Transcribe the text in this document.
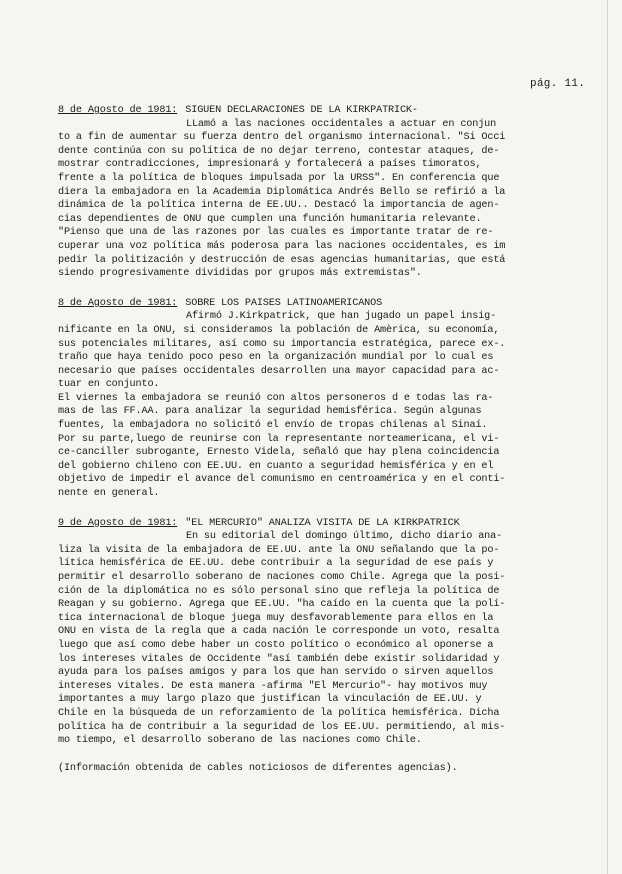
pág. 11.
8 de Agosto de 1981: SIGUEN DECLARACIONES DE LA KIRKPATRICK-
LLamó a las naciones occidentales a actuar en conjun
to a fin de aumentar su fuerza dentro del organismo internacional. "Si Occi
dente continúa con su política de no dejar terreno, contestar ataques, de-
mostrar contradicciones, impresionará y fortalecerá a países timoratos,
frente a la política de bloques impulsada por la URSS". En conferencia que
diera la embajadora en la Academia Diplomática Andrés Bello se refirió a la
dinámica de la política interna de EE.UU.. Destacó la importancia de agen-
cias dependientes de ONU que cumplen una función humanitaria relevante.
"Pienso que una de las razones por las cuales es importante tratar de re-
cuperar una voz política más poderosa para las naciones occidentales, es im
pedir la politización y destrucción de esas agencias humanitarias, que está
siendo progresivamente divididas por grupos más extremistas".
8 de Agosto de 1981: SOBRE LOS PAISES LATINOAMERICANOS
Afirmó J.Kirkpatrick, que han jugado un papel insig-
nificante en la ONU, si consideramos la población de Amèrica, su economía,
sus potenciales militares, así como su importancia estratégica, parece ex-.
traño que haya tenido poco peso en la organización mundial por lo cual es
necesario que países occidentales desarrollen una mayor capacidad para ac-
tuar en conjunto.
El viernes la embajadora se reunió con altos personeros d e todas las ra-
mas de las FF.AA. para analizar la seguridad hemisférica. Según algunas
fuentes, la embajadora no solicitó el envío de tropas chilenas al Sinaí.
Por su parte,luego de reunirse con la representante norteamericana, el vi-
ce-canciller subrogante, Ernesto Videla, señaló que hay plena coincidencia
del gobierno chileno con EE.UU. en cuanto a seguridad hemisférica y en el
objetivo de impedir el avance del comunismo en centroamérica y en el conti-
nente en general.
9 de Agosto de 1981: "EL MERCURIO" ANALIZA VISITA DE LA KIRKPATRICK
En su editorial del domingo último, dicho diario ana-
liza la visita de la embajadora de EE.UU. ante la ONU señalando que la po-
lítica hemisférica de EE.UU. debe contribuir a la seguridad de ese país y
permitir el desarrollo soberano de naciones como Chile. Agrega que la posi-
ción de la diplomática no es sólo personal sino que refleja la política de
Reagan y su gobierno. Agrega que EE.UU. "ha caído en la cuenta que la polí-
tica internacional de bloque juega muy desfavorablemente para ellos en la
ONU en vista de la regla que a cada nación le corresponde un voto, resalta
luego que así como debe haber un costo político o económico al oponerse a
los intereses vitales de Occidente "así también debe existir solidaridad y
ayuda para los países amigos y para los que han servido o sirven aquellos
intereses vitales. De esta manera -afirma "El Mercurio"- hay motivos muy
importantes a muy largo plazo que justifican la vinculación de EE.UU. y
Chile en la búsqueda de un reforzamiento de la política hemisférica. Dicha
política ha de contribuir a la seguridad de los EE.UU. permitiendo, al mis-
mo tiempo, el desarrollo soberano de las naciones como Chile.
(Información obtenida de cables noticiosos de diferentes agencias).
